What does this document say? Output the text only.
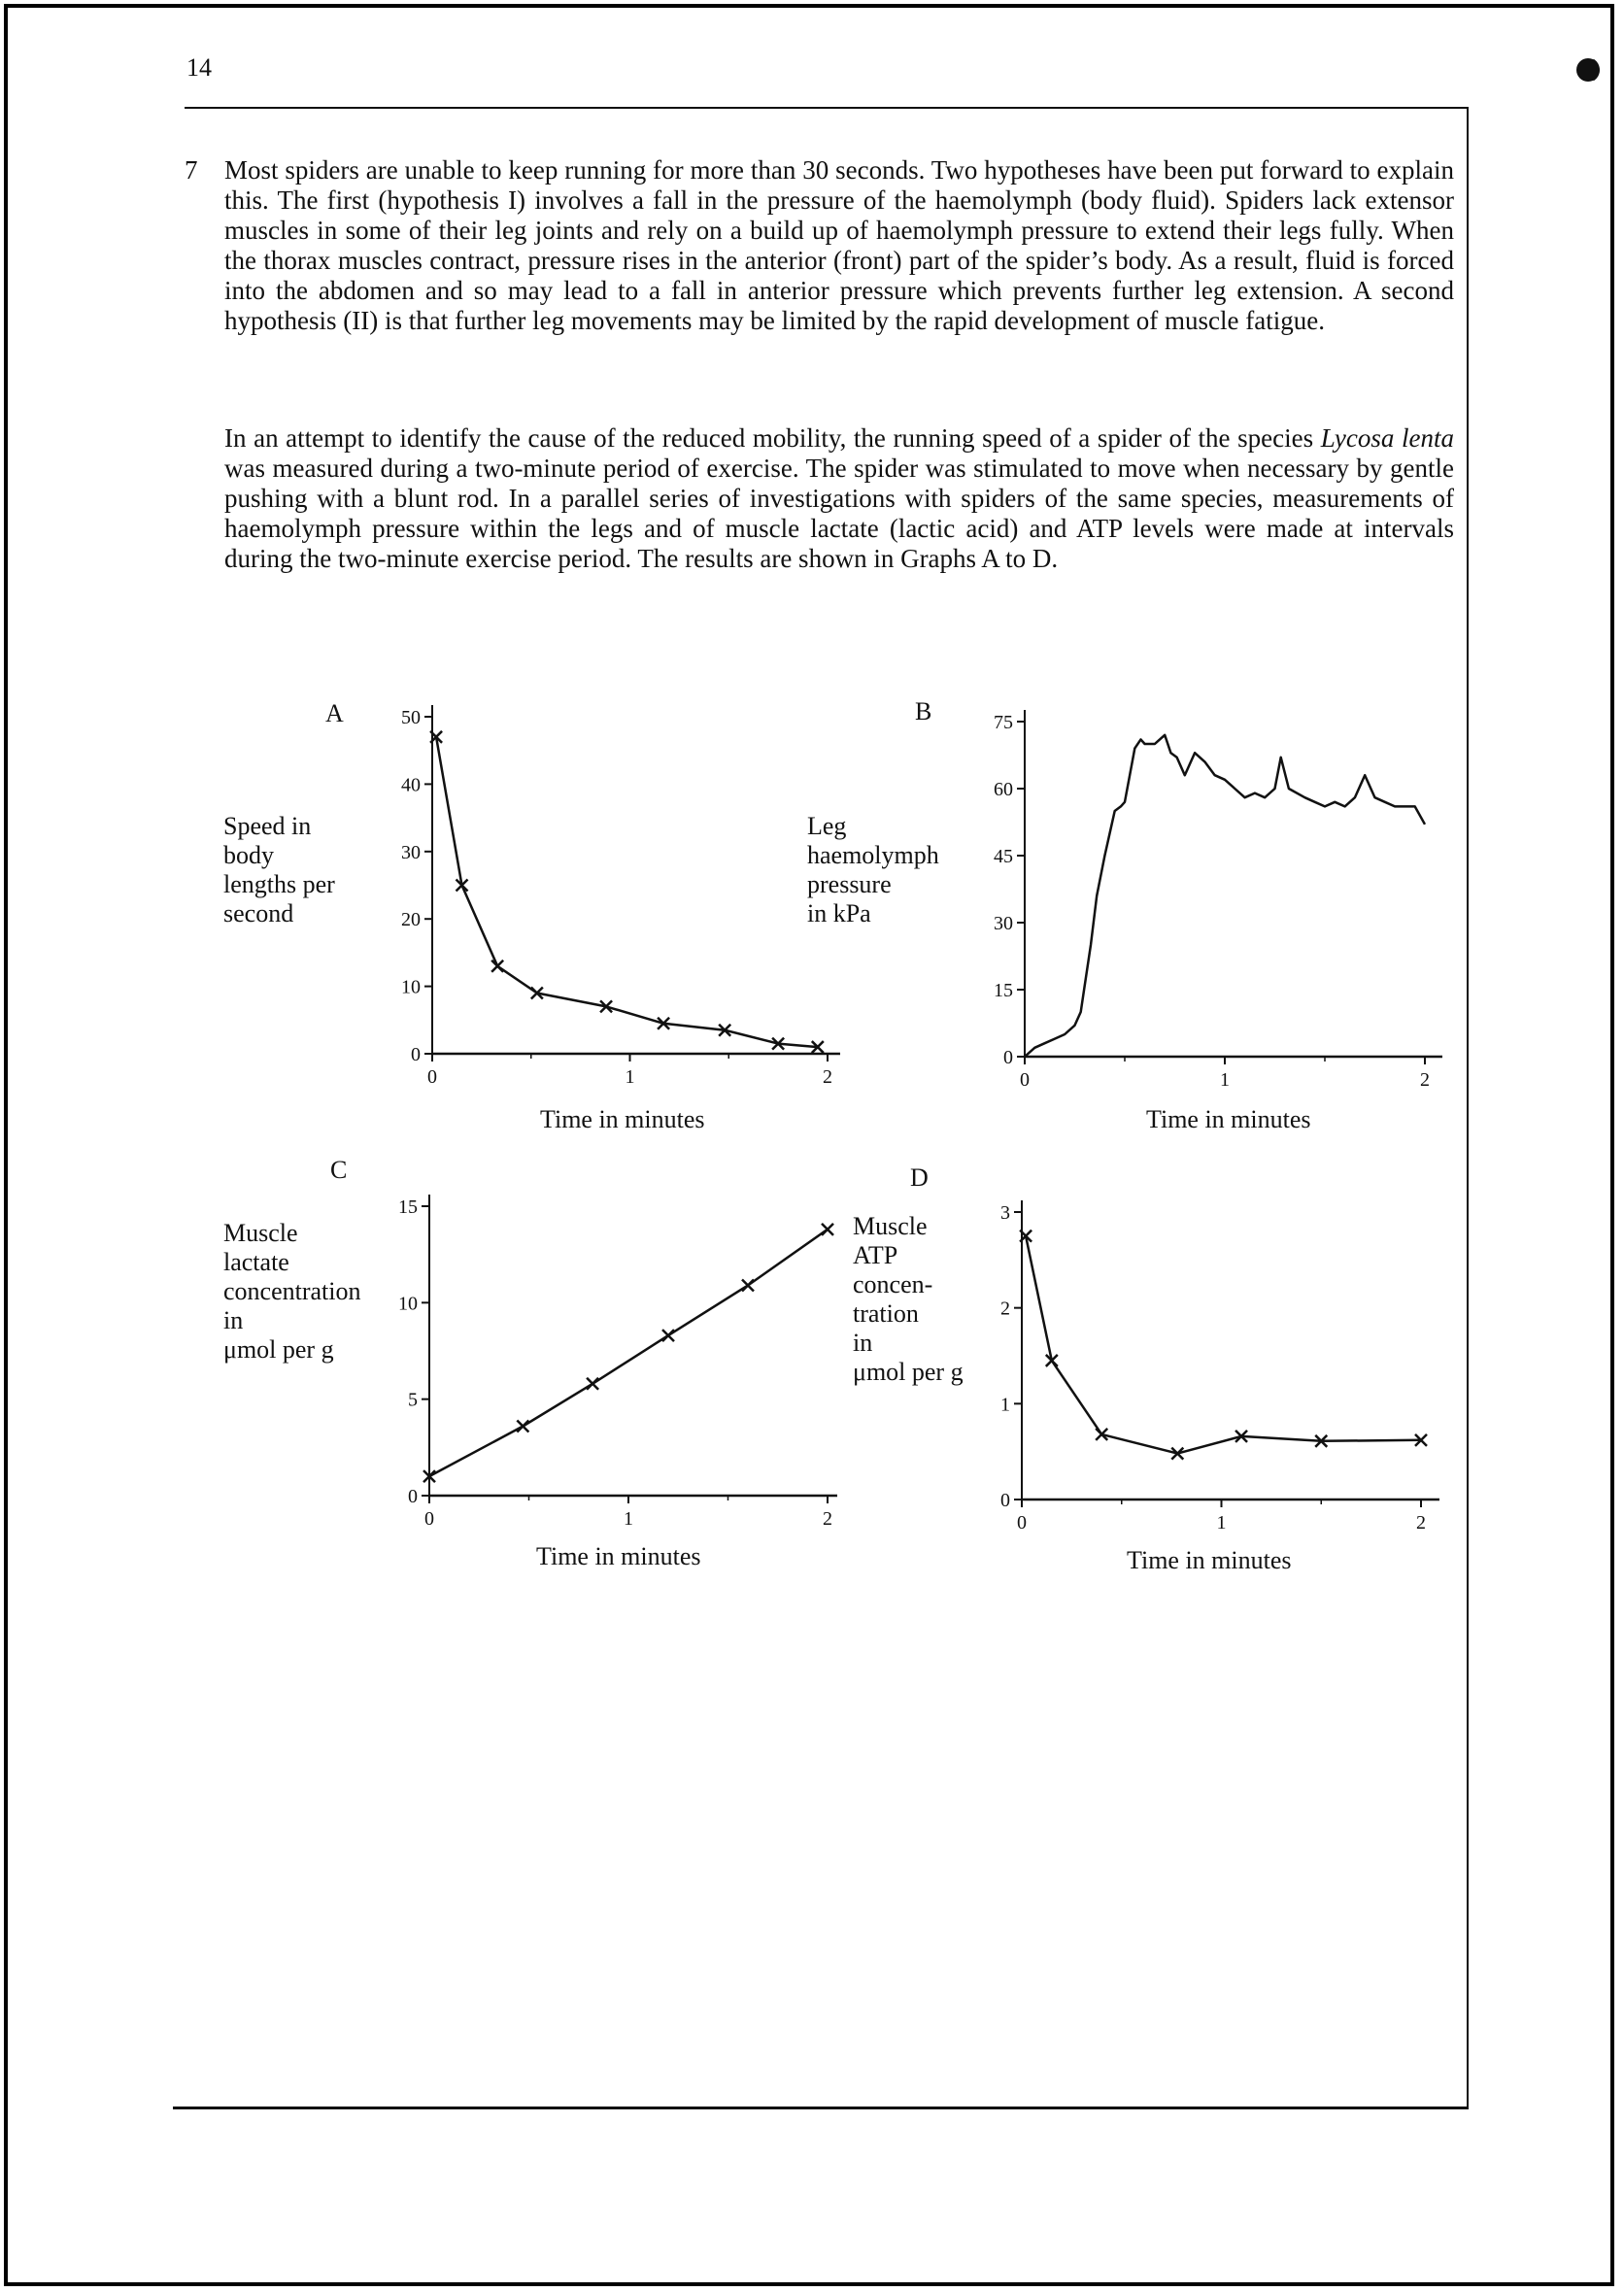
14
7 Most spiders are unable to keep running for more than 30 seconds. Two hypotheses have been put forward to explain this. The first (hypothesis I) involves a fall in the pressure of the haemolymph (body fluid). Spiders lack extensor muscles in some of their leg joints and rely on a build up of haemolymph pressure to extend their legs fully. When the thorax muscles contract, pressure rises in the anterior (front) part of the spider’s body. As a result, fluid is forced into the abdomen and so may lead to a fall in anterior pressure which prevents further leg extension. A second hypothesis (II) is that further leg movements may be limited by the rapid development of muscle fatigue.

In an attempt to identify the cause of the reduced mobility, the running speed of a spider of the species Lycosa lenta was measured during a two-minute period of exercise. The spider was stimulated to move when necessary by gentle pushing with a blunt rod. In a parallel series of investigations with spiders of the same species, measurements of haemolymph pressure within the legs and of muscle lactate (lactic acid) and ATP levels were made at intervals during the two-minute exercise period. The results are shown in Graphs A to D.

A
Speed in
body
lengths per
second
Time in minutes
B
Leg
haemolymph
pressure
in kPa
Time in minutes
C
Muscle
lactate
concentration
in
μmol per g
Time in minutes
D
Muscle
ATP
concen-
tration
in
μmol per g
Time in minutes
0
10
20
30
40
50
0	1	2
0
15
30
45
60
75
0	1	2
0
5
10
15
0	1	2
0
1
2
3
0	1	2
